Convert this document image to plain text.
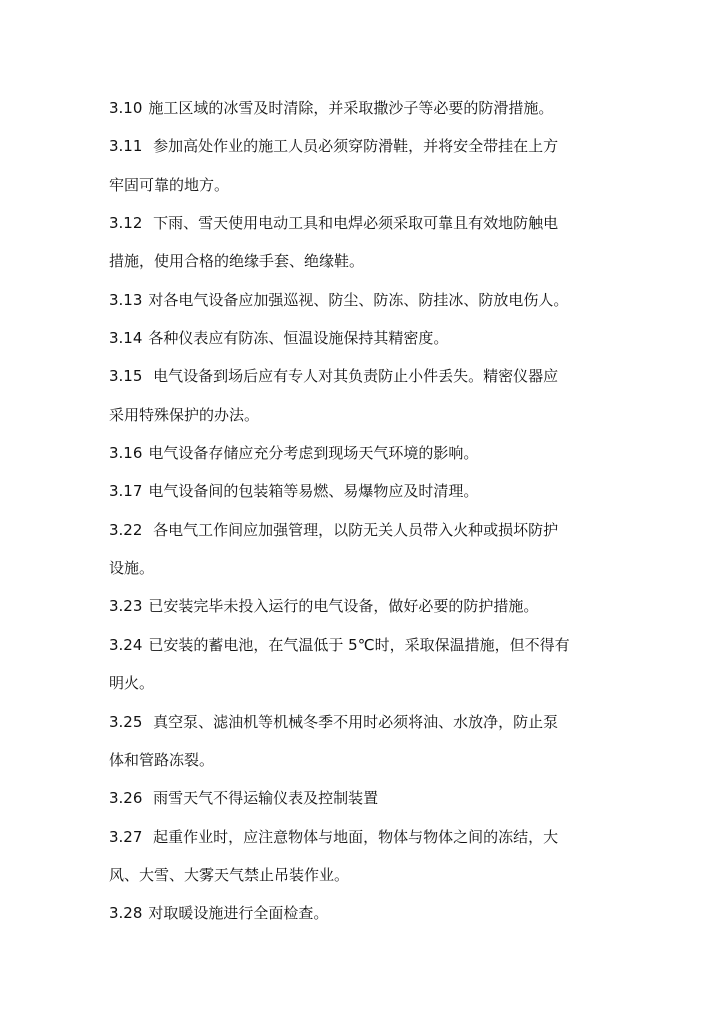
3.10 施工区域的冰雪及时清除，并采取撒沙子等必要的防滑措施。
3.11 参加高处作业的施工人员必须穿防滑鞋，并将安全带挂在上方
牢固可靠的地方。
3.12 下雨、雪天使用电动工具和电焊必须采取可靠且有效地防触电
措施，使用合格的绝缘手套、绝缘鞋。
3.13 对各电气设备应加强巡视、防尘、防冻、防挂冰、防放电伤人。
3.14 各种仪表应有防冻、恒温设施保持其精密度。
3.15 电气设备到场后应有专人对其负责防止小件丢失。精密仪器应
采用特殊保护的办法。
3.16 电气设备存储应充分考虑到现场天气环境的影响。
3.17 电气设备间的包装箱等易燃、易爆物应及时清理。
3.22 各电气工作间应加强管理，以防无关人员带入火种或损坏防护
设施。
3.23 已安装完毕未投入运行的电气设备，做好必要的防护措施。
3.24 已安装的蓄电池，在气温低于 5℃时，采取保温措施，但不得有
明火。
3.25 真空泵、滤油机等机械冬季不用时必须将油、水放净，防止泵
体和管路冻裂。
3.26 雨雪天气不得运输仪表及控制装置
3.27 起重作业时，应注意物体与地面，物体与物体之间的冻结，大
风、大雪、大雾天气禁止吊装作业。
3.28 对取暖设施进行全面检查。
